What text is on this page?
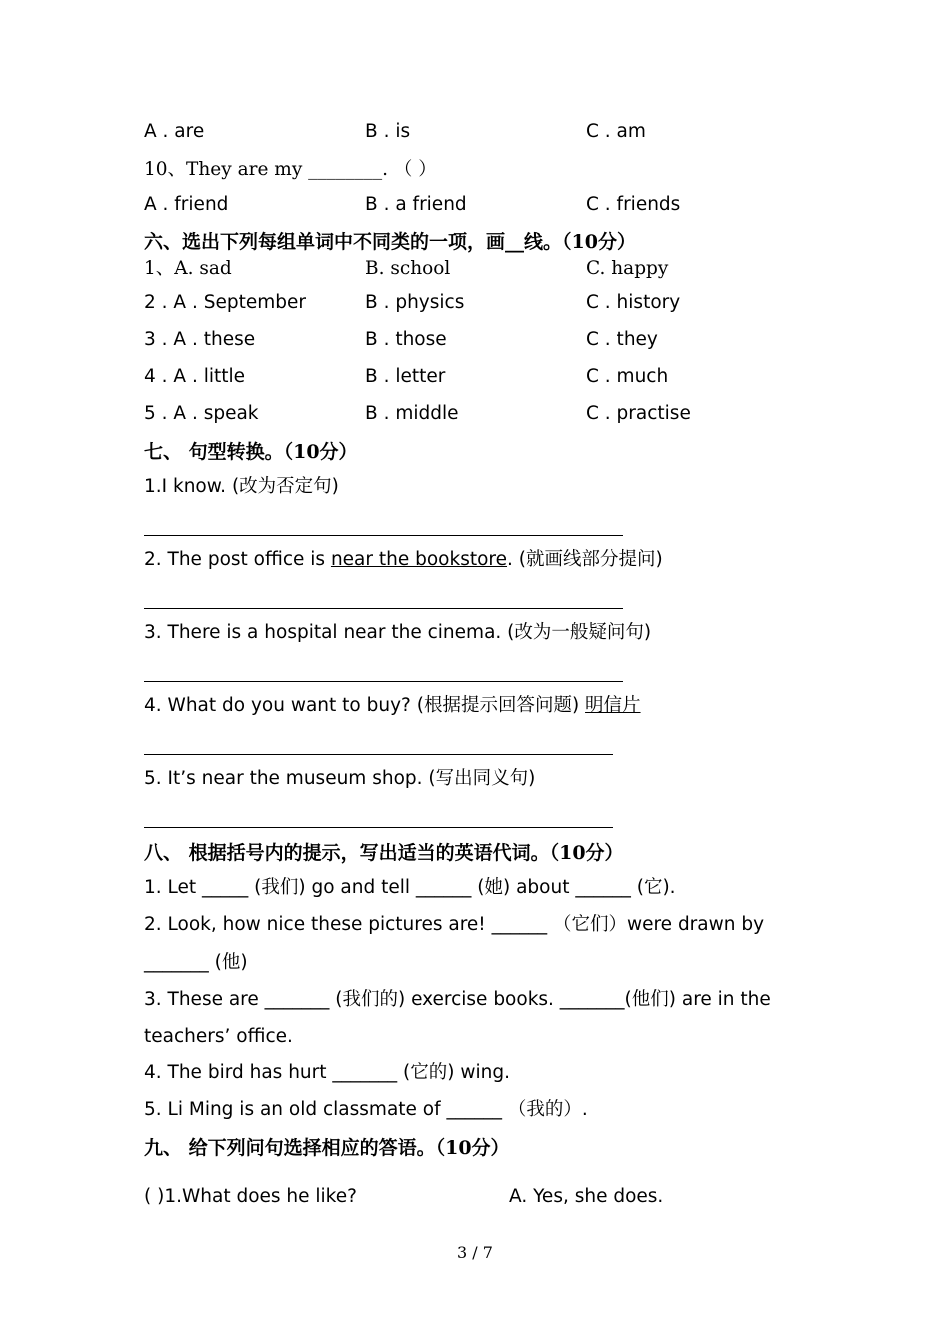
A . are	B . is	C . am
10、They are my ________. （ ）
A . friend	B . a friend	C . friends
六、选出下列每组单词中不同类的一项，画__线。（10分）
1、A. sad	B. school	C. happy
2 . A . September	B . physics	C . history
3 . A . these	B . those	C . they
4 . A . little	B . letter	C . much
5 . A . speak	B . middle	C . practise
七、 句型转换。（10分）
1.I know. (改为否定句)
2. The post office is near the bookstore. (就画线部分提问)
3. There is a hospital near the cinema. (改为一般疑问句)
4. What do you want to buy? (根据提示回答问题) 明信片
5. It’s near the museum shop. (写出同义句)
八、 根据括号内的提示，写出适当的英语代词。（10分）
1. Let _____ (我们) go and tell ______ (她) about ______ (它).
2. Look, how nice these pictures are! ______ （它们）were drawn by
_______ (他)
3. These are _______ (我们的) exercise books. _______(他们) are in the
teachers’ office.
4. The bird has hurt _______ (它的) wing.
5. Li Ming is an old classmate of ______ （我的）.
九、 给下列问句选择相应的答语。（10分）
( )1.What does he like?	A. Yes, she does.
3 / 7
